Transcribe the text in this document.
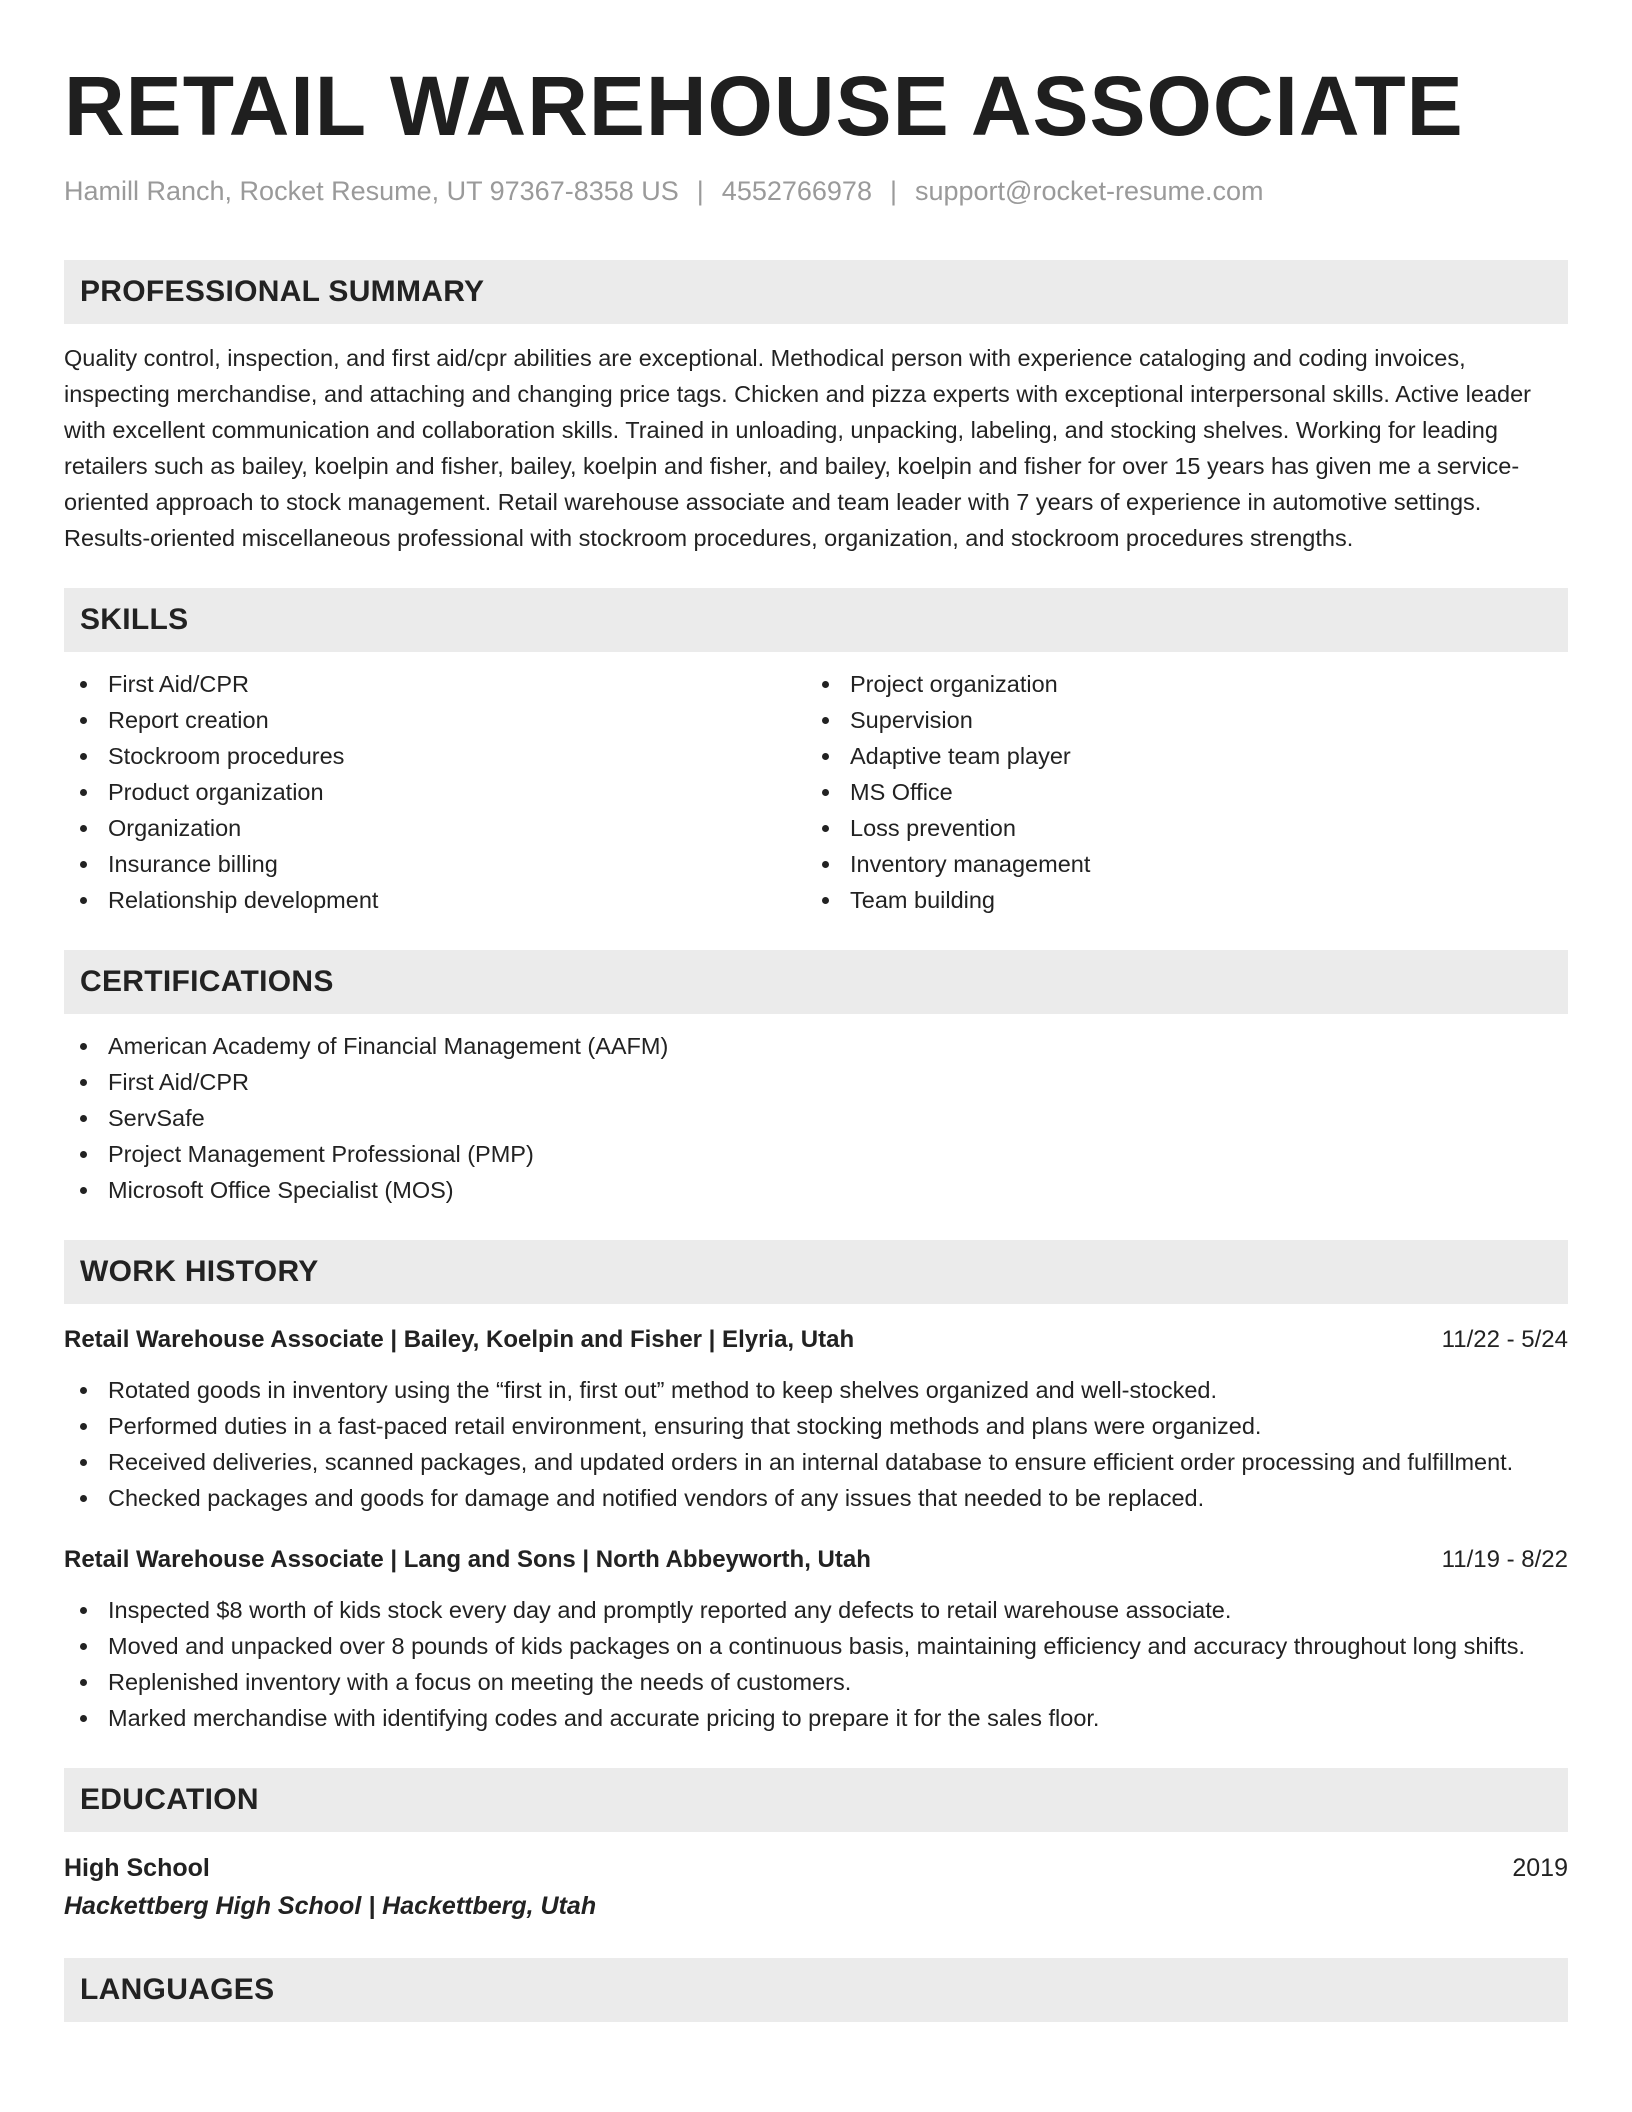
RETAIL WAREHOUSE ASSOCIATE
Hamill Ranch, Rocket Resume, UT 97367-8358 US | 4552766978 | support@rocket-resume.com
PROFESSIONAL SUMMARY

Quality control, inspection, and first aid/cpr abilities are exceptional. Methodical person with experience cataloging and coding invoices, inspecting merchandise, and attaching and changing price tags. Chicken and pizza experts with exceptional interpersonal skills. Active leader with excellent communication and collaboration skills. Trained in unloading, unpacking, labeling, and stocking shelves. Working for leading retailers such as bailey, koelpin and fisher, bailey, koelpin and fisher, and bailey, koelpin and fisher for over 15 years has given me a service-oriented approach to stock management. Retail warehouse associate and team leader with 7 years of experience in automotive settings. Results-oriented miscellaneous professional with stockroom procedures, organization, and stockroom procedures strengths.

SKILLS
First Aid/CPR
Report creation
Stockroom procedures
Product organization
Organization
Insurance billing
Relationship development
Project organization
Supervision
Adaptive team player
MS Office
Loss prevention
Inventory management
Team building
CERTIFICATIONS
American Academy of Financial Management (AAFM)
First Aid/CPR
ServSafe
Project Management Professional (PMP)
Microsoft Office Specialist (MOS)
WORK HISTORY
Retail Warehouse Associate | Bailey, Koelpin and Fisher | Elyria, Utah	11/22 - 5/24
Rotated goods in inventory using the “first in, first out” method to keep shelves organized and well-stocked.
Performed duties in a fast-paced retail environment, ensuring that stocking methods and plans were organized.
Received deliveries, scanned packages, and updated orders in an internal database to ensure efficient order processing and fulfillment.
Checked packages and goods for damage and notified vendors of any issues that needed to be replaced.
Retail Warehouse Associate | Lang and Sons | North Abbeyworth, Utah	11/19 - 8/22
Inspected $8 worth of kids stock every day and promptly reported any defects to retail warehouse associate.
Moved and unpacked over 8 pounds of kids packages on a continuous basis, maintaining efficiency and accuracy throughout long shifts.
Replenished inventory with a focus on meeting the needs of customers.
Marked merchandise with identifying codes and accurate pricing to prepare it for the sales floor.
EDUCATION
High School	2019
Hackettberg High School | Hackettberg, Utah
LANGUAGES
